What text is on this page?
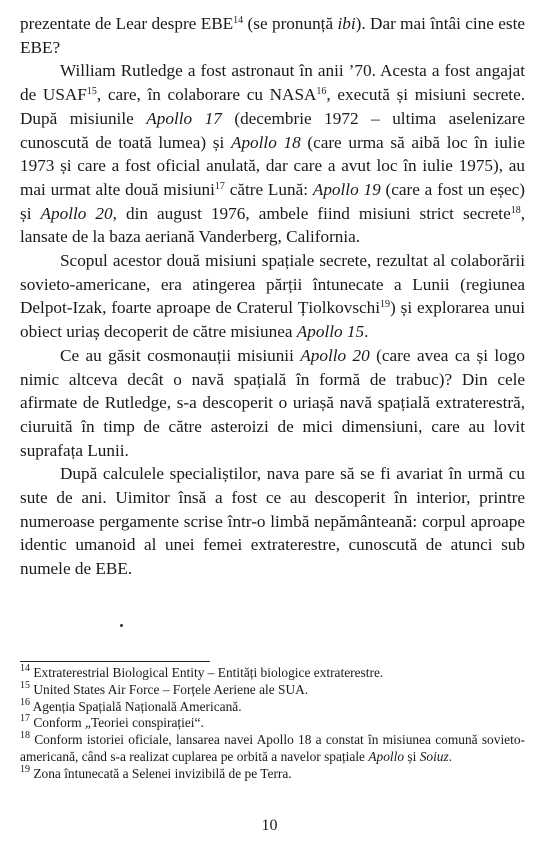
prezentate de Lear despre EBE$^{14}$ (se pronunță ibi). Dar mai întâi cine este EBE?
William Rutledge a fost astronaut în anii ’70. Acesta a fost angajat de USAF$^{15}$, care, în colaborare cu NASA$^{16}$, execută și misiuni secrete. După misiunile Apollo 17 (decembrie 1972 – ultima aselenizare cunoscută de toată lumea) și Apollo 18 (care urma să aibă loc în iulie 1973 și care a fost oficial anulată, dar care a avut loc în iulie 1975), au mai urmat alte două misiuni$^{17}$ către Lună: Apollo 19 (care a fost un eșec) și Apollo 20, din august 1976, ambele fiind misiuni strict secrete$^{18}$, lansate de la baza aeriană Vanderberg, California.
Scopul acestor două misiuni spațiale secrete, rezultat al colaborării sovieto-americane, era atingerea părții întunecate a Lunii (regiunea Delpot-Izak, foarte aproape de Craterul Țiolkovschi$^{19}$) și explorarea unui obiect uriaș decoperit de către misiunea Apollo 15.
Ce au găsit cosmonauții misiunii Apollo 20 (care avea ca și logo nimic altceva decât o navă spațială în formă de trabuc)? Din cele afirmate de Rutledge, s-a descoperit o uriașă navă spațială extraterestră, ciuruită în timp de către asteroizi de mici dimensiuni, care au lovit suprafața Lunii.
După calculele specialiștilor, nava pare să se fi avariat în urmă cu sute de ani. Uimitor însă a fost ce au descoperit în interior, printre numeroase pergamente scrise într-o limbă nepământeană: corpul aproape identic umanoid al unei femei extraterestre, cunoscută de atunci sub numele de EBE.
$^{14}$ Extraterestrial Biological Entity – Entități biologice extraterestre.
$^{15}$ United States Air Force – Forțele Aeriene ale SUA.
$^{16}$ Agenția Spațială Națională Americană.
$^{17}$ Conform „Teoriei conspirației“.
$^{18}$ Conform istoriei oficiale, lansarea navei Apollo 18 a constat în misiunea comună sovieto-americană, când s-a realizat cuplarea pe orbită a navelor spațiale Apollo și Soiuz.
$^{19}$ Zona întunecată a Selenei invizibilă de pe Terra.
10
